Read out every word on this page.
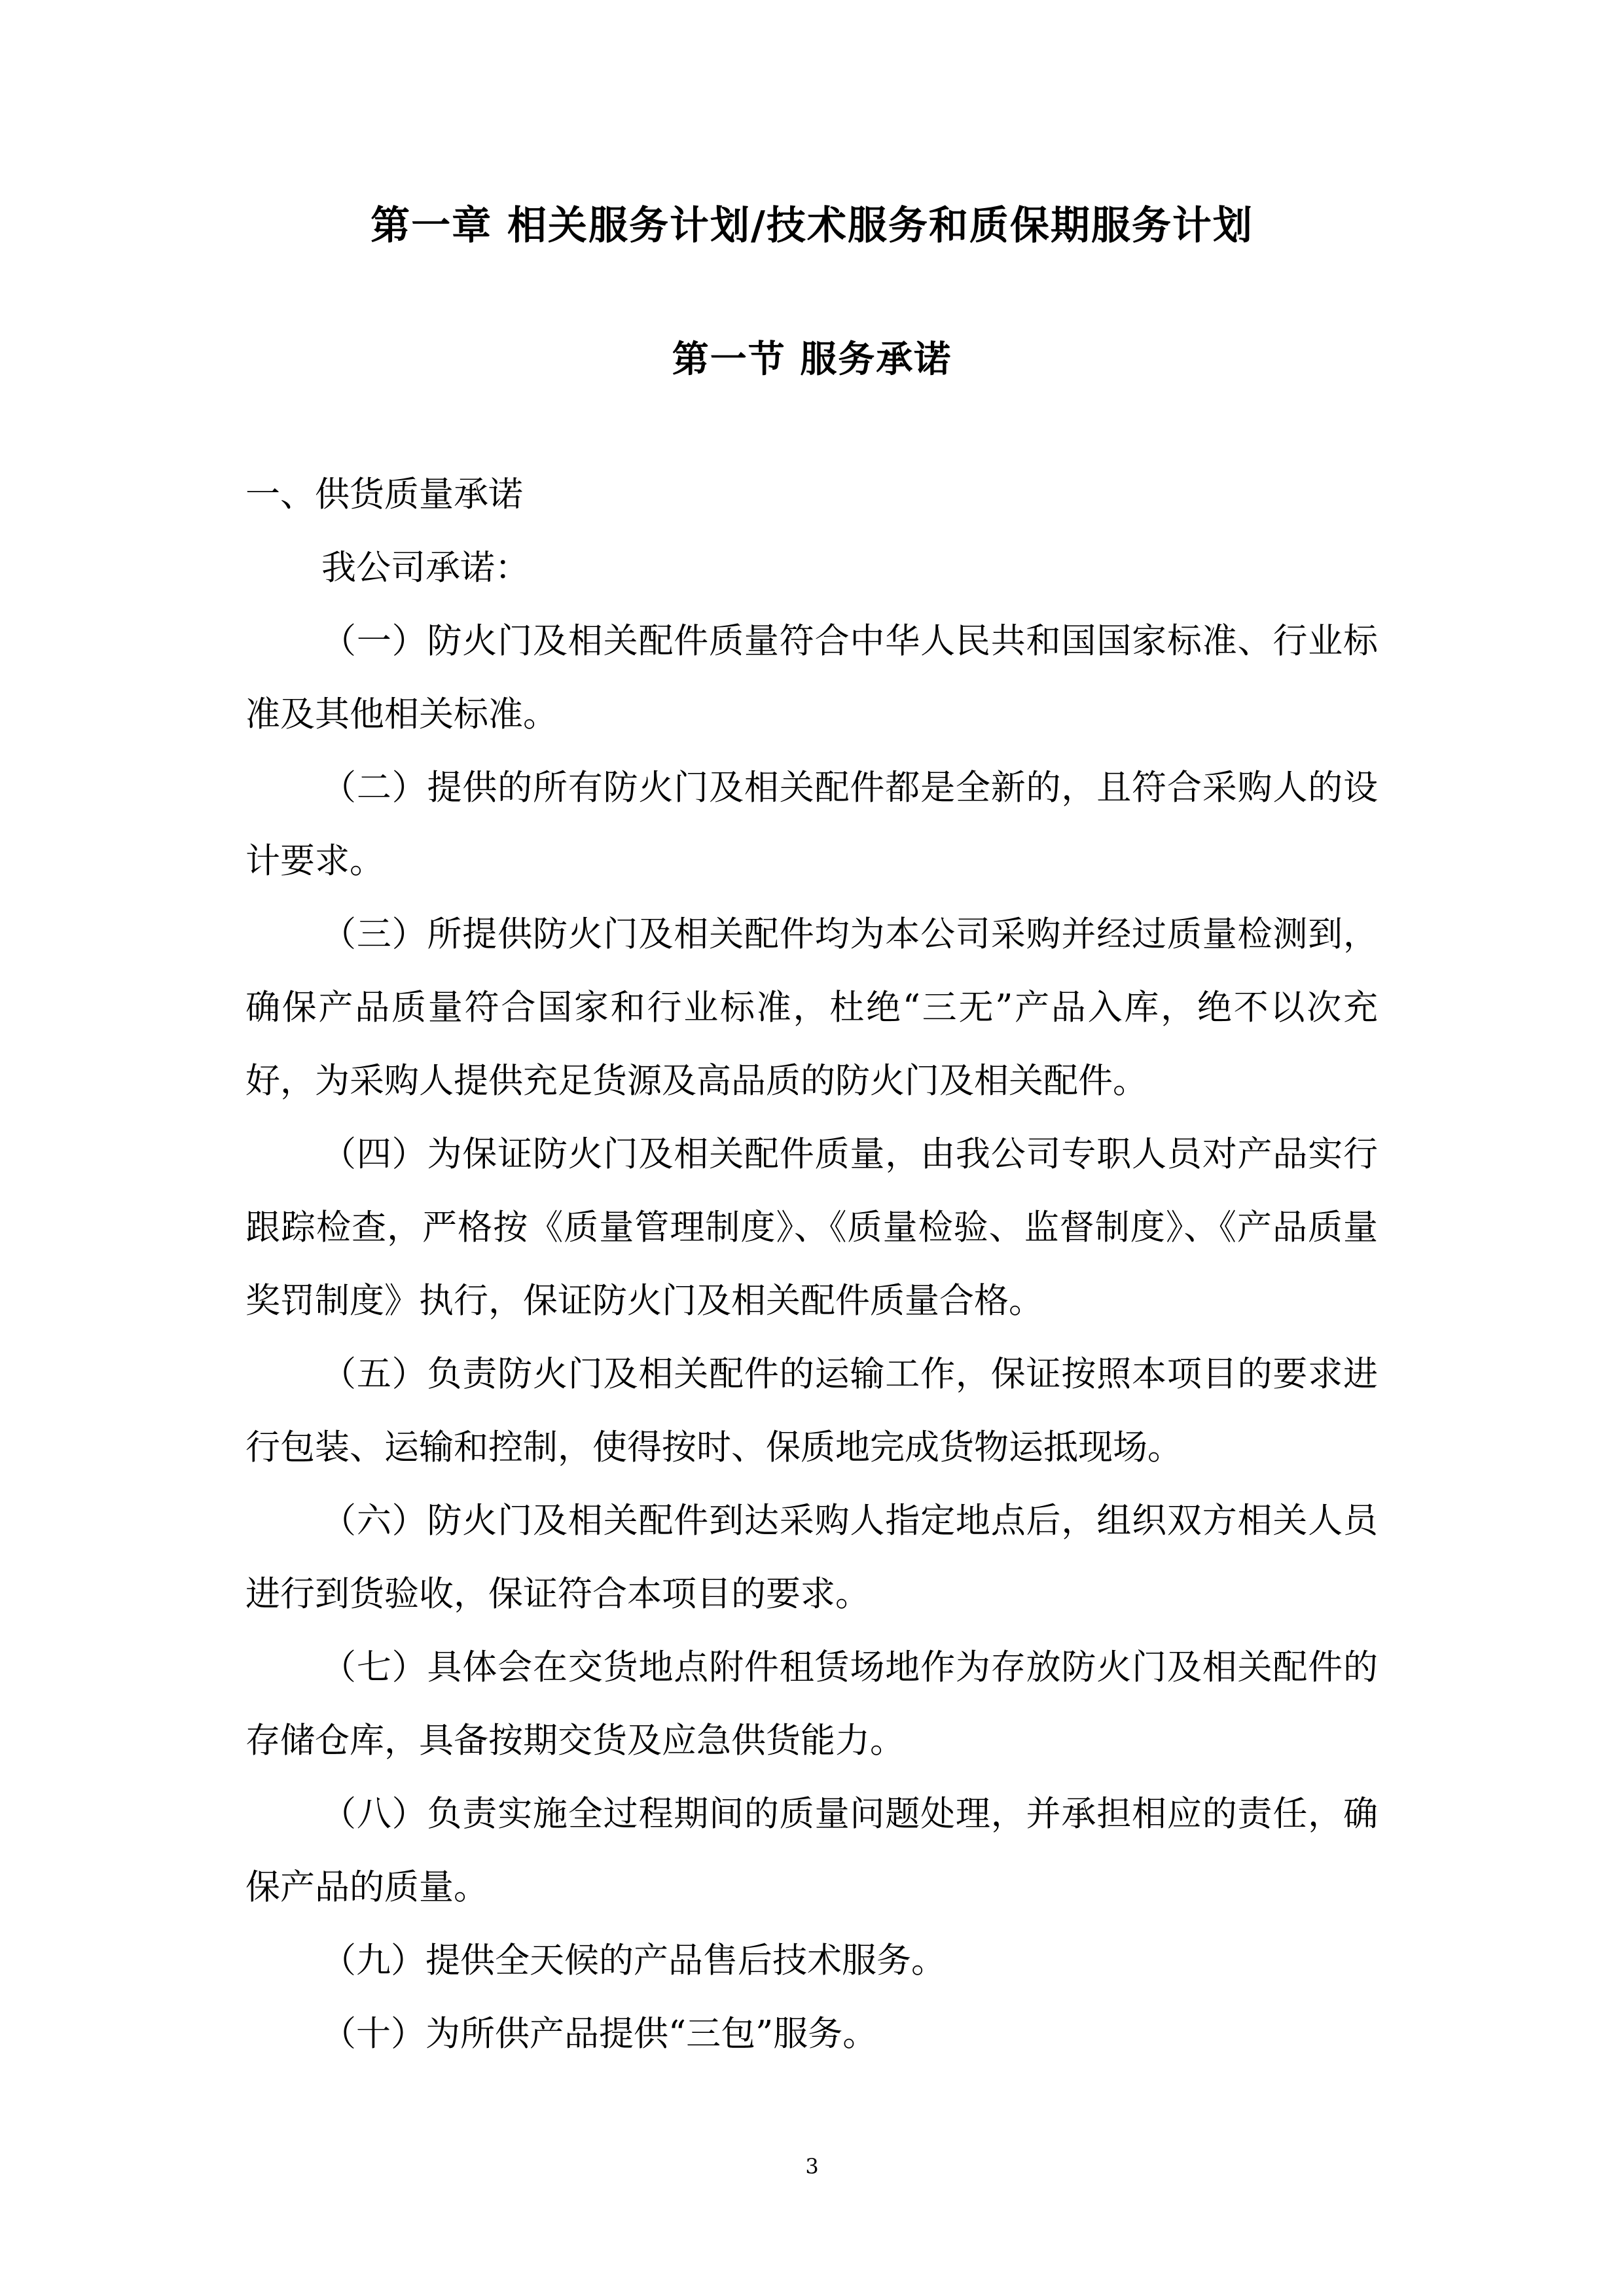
第一章 相关服务计划/技术服务和质保期服务计划
第一节 服务承诺

一、供货质量承诺

我公司承诺：

（一）防火门及相关配件质量符合中华人民共和国国家标准、行业标准及其他相关标准。

（二）提供的所有防火门及相关配件都是全新的，且符合采购人的设计要求。

（三）所提供防火门及相关配件均为本公司采购并经过质量检测到，确保产品质量符合国家和行业标准，杜绝“三无”产品入库，绝不以次充好，为采购人提供充足货源及高品质的防火门及相关配件。

（四）为保证防火门及相关配件质量，由我公司专职人员对产品实行跟踪检查，严格按《质量管理制度》、《质量检验、监督制度》、《产品质量奖罚制度》执行，保证防火门及相关配件质量合格。

（五）负责防火门及相关配件的运输工作，保证按照本项目的要求进行包装、运输和控制，使得按时、保质地完成货物运抵现场。

（六）防火门及相关配件到达采购人指定地点后，组织双方相关人员进行到货验收，保证符合本项目的要求。

（七）具体会在交货地点附件租赁场地作为存放防火门及相关配件的存储仓库，具备按期交货及应急供货能力。

（八）负责实施全过程期间的质量问题处理，并承担相应的责任，确保产品的质量。

（九）提供全天候的产品售后技术服务。

（十）为所供产品提供“三包”服务。

3
